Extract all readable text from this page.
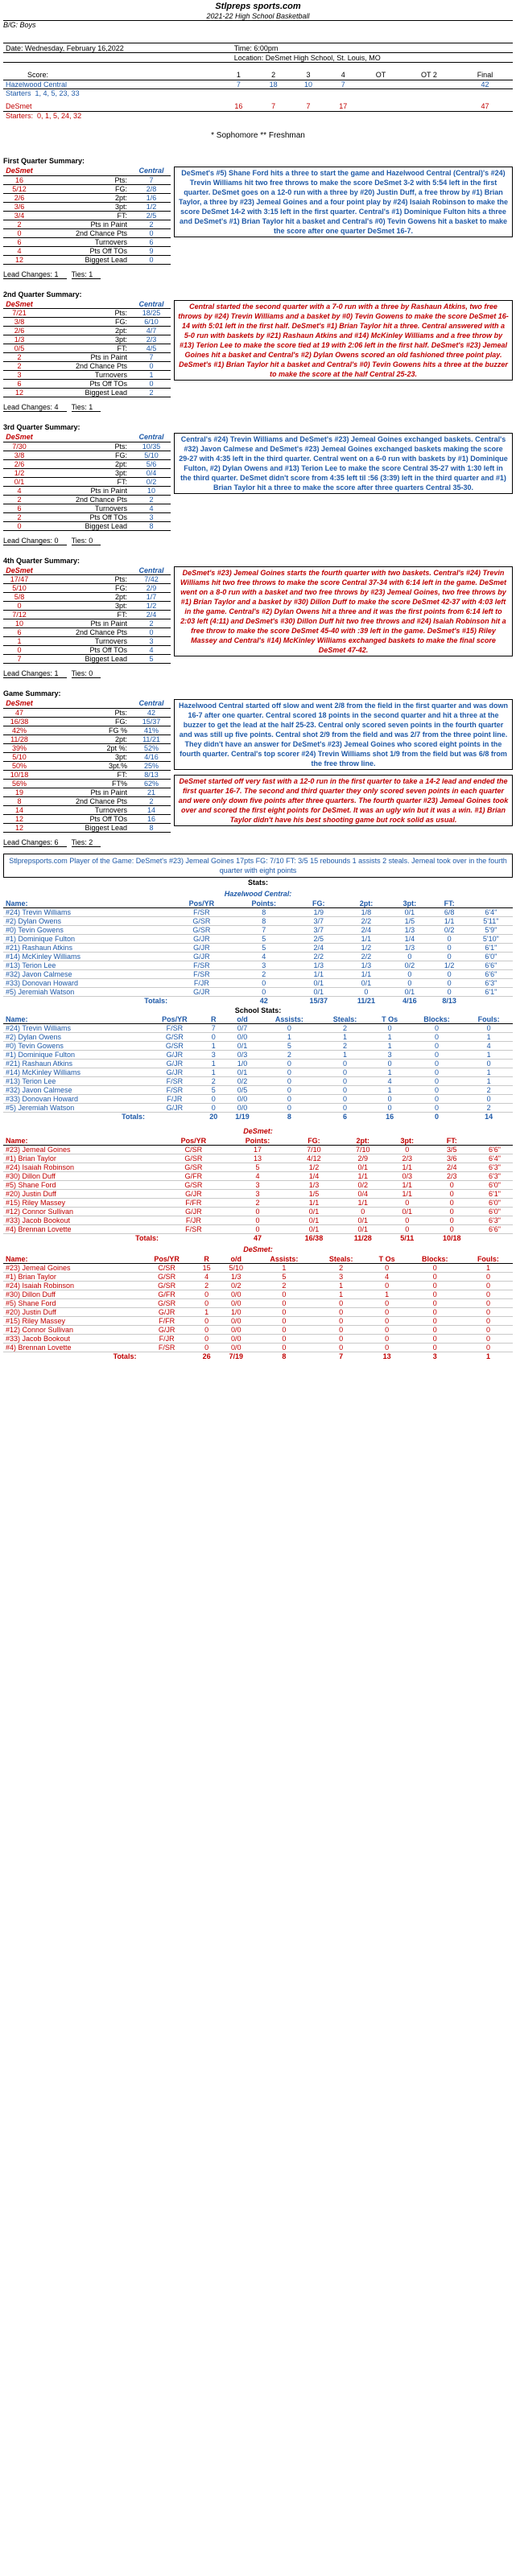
Stlpreps sports.com
2021-22 High School Basketball
B/G: Boys
Date: Wednesday, February 16,2022	Time: 6:00pm
	Location: DeSmet High School, St. Louis, MO
Score:	1	2	3	4	OT	OT 2	Final
Hazelwood Central	7	18	10	7			42
Starters 1, 4, 5, 23, 33							

DeSmet	16	7	7	17			47
Starters: 0, 1, 5, 24, 32							
* Sophomore ** Freshman
First Quarter Summary:
DeSmet		Central
16	Pts:	7
5/12	FG:	2/8
2/6	2pt:	1/6
3/6	3pt:	1/2
3/4	FT:	2/5
2	Pts in Paint	2
0	2nd Chance Pts	0
6	Turnovers	6
4	Pts Off TOs	9
12	Biggest Lead	0
DeSmet's #5) Shane Ford hits a three to start the game and Hazelwood Central (Central)'s #24) Trevin Williams hit two free throws to make the score DeSmet 3-2 with 5:54 left in the first quarter. DeSmet goes on a 12-0 run with a three by #20) Justin Duff, a free throw by #1) Brian Taylor, a three by #23) Jemeal Goines and a four point play by #24) Isaiah Robinson to make the score DeSmet 14-2 with 3:15 left in the first quarter. Central's #1) Dominique Fulton hits a three and DeSmet's #1) Brian Taylor hit a basket and Central's #0) Tevin Gowens hit a basket to make the score after one quarter DeSmet 16-7.
Lead Changes: 1	Ties: 1
2nd Quarter Summary:
DeSmet		Central
7/21	Pts:	18/25
3/8	FG:	6/10
2/6	2pt:	4/7
1/3	3pt:	2/3
0/5	FT:	4/5
2	Pts in Paint	7
2	2nd Chance Pts	0
3	Turnovers	1
6	Pts Off TOs	0
12	Biggest Lead	2
Central started the second quarter with a 7-0 run with a three by Rashaun Atkins, two free throws by #24) Trevin Williams and a basket by #0) Tevin Gowens to make the score DeSmet 16-14 with 5:01 left in the first half. DeSmet's #1) Brian Taylor hit a three. Central answered with a 5-0 run with baskets by #21) Rashaun Atkins and #14) McKinley Williams and a free throw by #13) Terion Lee to make the score tied at 19 with 2:06 left in the first half. DeSmet's #23) Jemeal Goines hit a basket and Central's #2) Dylan Owens scored an old fashioned three point play. DeSmet's #1) Brian Taylor hit a basket and Central's #0) Tevin Gowens hits a three at the buzzer to make the score at the half Central 25-23.
Lead Changes: 4	Ties: 1
3rd Quarter Summary:
DeSmet		Central
7/30	Pts:	10/35
3/8	FG:	5/10
2/6	2pt:	5/6
1/2	3pt:	0/4
0/1	FT:	0/2
4	Pts in Paint	10
2	2nd Chance Pts	2
6	Turnovers	4
2	Pts Off TOs	3
0	Biggest Lead	8
Central's #24) Trevin Williams and DeSmet's #23) Jemeal Goines exchanged baskets. Central's #32) Javon Calmese and DeSmet's #23) Jemeal Goines exchanged baskets making the score 29-27 with 4:35 left in the third quarter. Central went on a 6-0 run with baskets by #1) Dominique Fulton, #2) Dylan Owens and #13) Terion Lee to make the score Central 35-27 with 1:30 left in the third quarter. DeSmet didn't score from 4:35 left til :56 (3:39) left in the third quarter and #1) Brian Taylor hit a three to make the score after three quarters Central 35-30.
Lead Changes: 0	Ties: 0
4th Quarter Summary:
DeSmet		Central
17/47	Pts:	7/42
5/10	FG:	2/9
5/8	2pt:	1/7
0	3pt:	1/2
7/12	FT:	2/4
10	Pts in Paint	2
6	2nd Chance Pts	0
1	Turnovers	3
0	Pts Off TOs	4
7	Biggest Lead	5
DeSmet's #23) Jemeal Goines starts the fourth quarter with two baskets. Central's #24) Trevin Williams hit two free throws to make the score Central 37-34 with 6:14 left in the game. DeSmet went on a 8-0 run with a basket and two free throws by #23) Jemeal Goines, two free throws by #1) Brian Taylor and a basket by #30) Dillon Duff to make the score DeSmet 42-37 with 4:03 left in the game. Central's #2) Dylan Owens hit a three and it was the first points from 6:14 left to 2:03 left (4:11) and DeSmet's #30) Dillon Duff hit two free throws and #24) Isaiah Robinson hit a free throw to make the score DeSmet 45-40 with :39 left in the game. DeSmet's #15) Riley Massey and Central's #14) McKinley Williams exchanged baskets to make the final score DeSmet 47-42.
Lead Changes: 1	Ties: 0
Game Summary:
DeSmet		Central
47	Pts:	42
16/38	FG:	15/37
42%	FG %	41%
11/28	2pt:	11/21
39%	2pt %:	52%
5/10	3pt:	4/16
50%	3pt.%	25%
10/18	FT:	8/13
56%	FT%	62%
19	Pts in Paint	21
8	2nd Chance Pts	2
14	Turnovers	14
12	Pts Off TOs	16
12	Biggest Lead	8
Hazelwood Central started off slow and went 2/8 from the field in the first quarter and was down 16-7 after one quarter. Central scored 18 points in the second quarter and hit a three at the buzzer to get the lead at the half 25-23. Central only scored seven points in the fourth quarter and was still up five points. Central shot 2/9 from the field and was 2/7 from the three point line. They didn't have an answer for DeSmet's #23) Jemeal Goines who scored eight points in the fourth quarter. Central's top scorer #24) Trevin Williams shot 1/9 from the field but was 6/8 from the free throw line.
DeSmet started off very fast with a 12-0 run in the first quarter to take a 14-2 lead and ended the first quarter 16-7. The second and third quarter they only scored seven points in each quarter and were only down five points after three quarters. The fourth quarter #23) Jemeal Goines took over and scored the first eight points for DeSmet. It was an ugly win but it was a win. #1) Brian Taylor didn't have his best shooting game but rock solid as usual.
Lead Changes: 6	Ties: 2
Stlprepsports.com Player of the Game: DeSmet's #23) Jemeal Goines 17pts FG: 7/10 FT: 3/5 15 rebounds 1 assists 2 steals. Jemeal took over in the fourth quarter with eight points
Stats:
Hazelwood Central:
Name:	Pos/YR	Points:	FG:	2pt:	3pt:	FT:	
#24) Trevin Williams	F/SR	8	1/9	1/8	0/1	6/8	6'4"
#2) Dylan Owens	G/SR	8	3/7	2/2	1/5	1/1	5'11"
#0) Tevin Gowens	G/SR	7	3/7	2/4	1/3	0/2	5'9"
#1) Dominique Fulton	G/JR	5	2/5	1/1	1/4	0	5'10"
#21) Rashaun Atkins	G/JR	5	2/4	1/2	1/3	0	6'1"
#14) McKinley Williams	G/JR	4	2/2	2/2	0	0	6'0"
#13) Terion Lee	F/SR	3	1/3	1/3	0/2	1/2	6'6"
#32) Javon Calmese	F/SR	2	1/1	1/1	0	0	6'6"
#33) Donovan Howard	F/JR	0	0/1	0/1	0	0	6'3"
#5) Jeremiah Watson	G/JR	0	0/1	0	0/1	0	6'1"
Totals:		42	15/37	11/21	4/16	8/13	
School Stats:
Name:	Pos/YR	R	o/d	Assists:	Steals:	T Os	Blocks:	Fouls:
#24) Trevin Williams	F/SR	7	0/7	0	2	0	0	0
#2) Dylan Owens	G/SR	0	0/0	1	1	1	0	1
#0) Tevin Gowens	G/SR	1	0/1	5	2	1	0	4
#1) Dominique Fulton	G/JR	3	0/3	2	1	3	0	1
#21) Rashaun Atkins	G/JR	1	1/0	0	0	0	0	0
#14) McKinley Williams	G/JR	1	0/1	0	0	1	0	1
#13) Terion Lee	F/SR	2	0/2	0	0	4	0	1
#32) Javon Calmese	F/SR	5	0/5	0	0	1	0	2
#33) Donovan Howard	F/JR	0	0/0	0	0	0	0	0
#5) Jeremiah Watson	G/JR	0	0/0	0	0	0	0	2
Totals:		20	1/19	8	6	16	0	14
DeSmet:
Name:	Pos/YR	Points:	FG:	2pt:	3pt:	FT:	
#23) Jemeal Goines	C/SR	17	7/10	7/10	0	3/5	6'6"
#1) Brian Taylor	G/SR	13	4/12	2/9	2/3	3/6	6'4"
#24) Isaiah Robinson	G/SR	5	1/2	0/1	1/1	2/4	6'3"
#30) Dillon Duff	G/FR	4	1/4	1/1	0/3	2/3	6'3"
#5) Shane Ford	G/SR	3	1/3	0/2	1/1	0	6'0"
#20) Justin Duff	G/JR	3	1/5	0/4	1/1	0	6'1"
#15) Riley Massey	F/FR	2	1/1	1/1	0	0	6'0"
#12) Connor Sullivan	G/JR	0	0/1	0	0/1	0	6'0"
#33) Jacob Bookout	F/JR	0	0/1	0/1	0	0	6'3"
#4) Brennan Lovette	F/SR	0	0/1	0/1	0	0	6'6"
Totals:		47	16/38	11/28	5/11	10/18	
DeSmet:
Name:	Pos/YR	R	o/d	Assists:	Steals:	T Os	Blocks:	Fouls:
#23) Jemeal Goines	C/SR	15	5/10	1	2	0	0	1
#1) Brian Taylor	G/SR	4	1/3	5	3	4	0	0
#24) Isaiah Robinson	G/SR	2	0/2	2	1	0	0	0
#30) Dillon Duff	G/FR	0	0/0	0	1	1	0	0
#5) Shane Ford	G/SR	0	0/0	0	0	0	0	0
#20) Justin Duff	G/JR	1	1/0	0	0	0	0	0
#15) Riley Massey	F/FR	0	0/0	0	0	0	0	0
#12) Connor Sullivan	G/JR	0	0/0	0	0	0	0	0
#33) Jacob Bookout	F/JR	0	0/0	0	0	0	0	0
#4) Brennan Lovette	F/SR	0	0/0	0	0	0	0	0
Totals:		26	7/19	8	7	13	3	1
